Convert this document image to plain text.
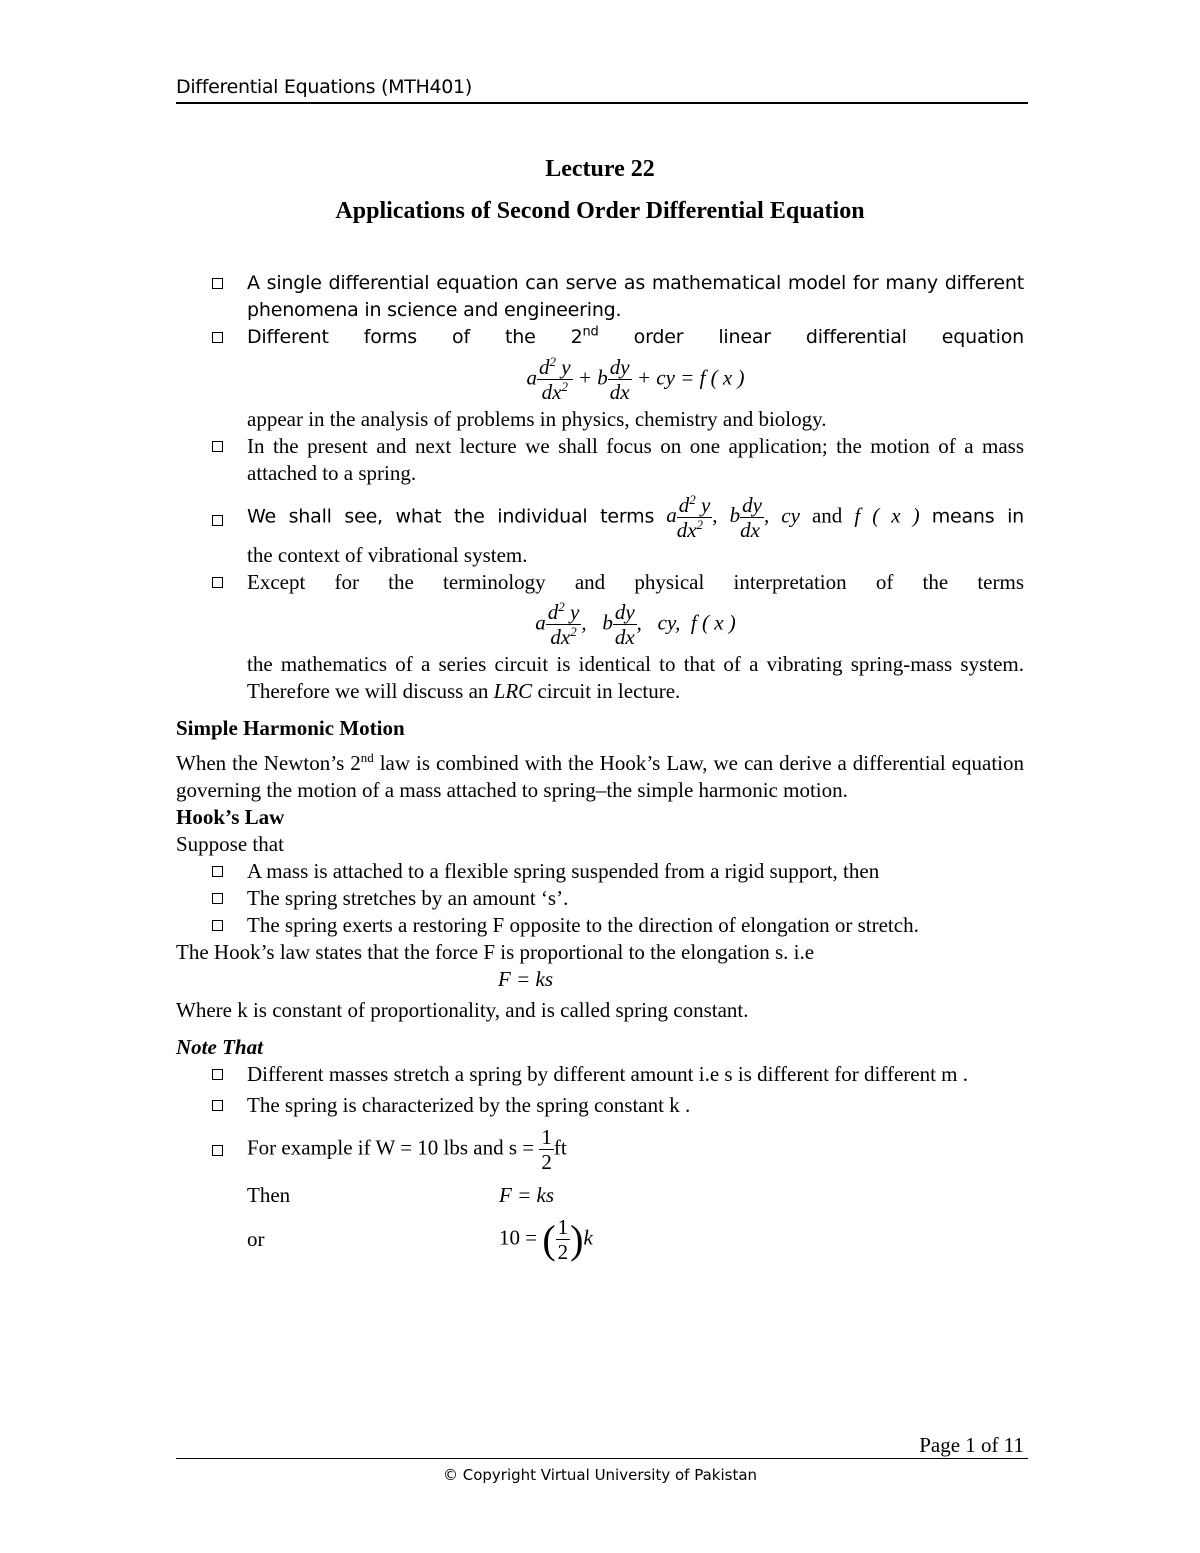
Differential Equations (MTH401)
Lecture 22
Applications of Second Order Differential Equation
A single differential equation can serve as mathematical model for many different phenomena in science and engineering.
Different forms of the 2nd order linear differential equation
a $\frac{d^2 y}{dx^2} + b \frac{dy}{dx}$ + cy = f ( x )
appear in the analysis of problems in physics, chemistry and biology.
In the present and next lecture we shall focus on one application; the motion of a mass attached to a spring.
We shall see, what the individual terms a $\frac{d^2 y}{dx^2}$ , b $\frac{dy}{dx}$ , cy and f ( x ) means in
the context of vibrational system.
Except for the terminology and physical interpretation of the terms
a $\frac{d^2 y}{dx^2}$ ,   b $\frac{dy}{dx}$ ,   cy,  f ( x )
the mathematics of a series circuit is identical to that of a vibrating spring-mass system. Therefore we will discuss an LRC circuit in lecture.
Simple Harmonic Motion
When the Newton’s 2nd law is combined with the Hook’s Law, we can derive a differential equation governing the motion of a mass attached to spring–the simple harmonic motion.
Hook’s Law
Suppose that
A mass is attached to a flexible spring suspended from a rigid support, then
The spring stretches by an amount ‘s’.
The spring exerts a restoring F opposite to the direction of elongation or stretch.
The Hook’s law states that the force F is proportional to the elongation s. i.e
F = ks
Where k is constant of proportionality, and is called spring constant.
Note That
Different masses stretch a spring by different amount i.e s is different for different m .
The spring is characterized by the spring constant k .
For example if W = 10 lbs and $s = \frac{1}{2}$ ft
Then	F = ks
or	10 = ( $\frac{1}{2} )k$
Page 1 of 11
© Copyright Virtual University of Pakistan
